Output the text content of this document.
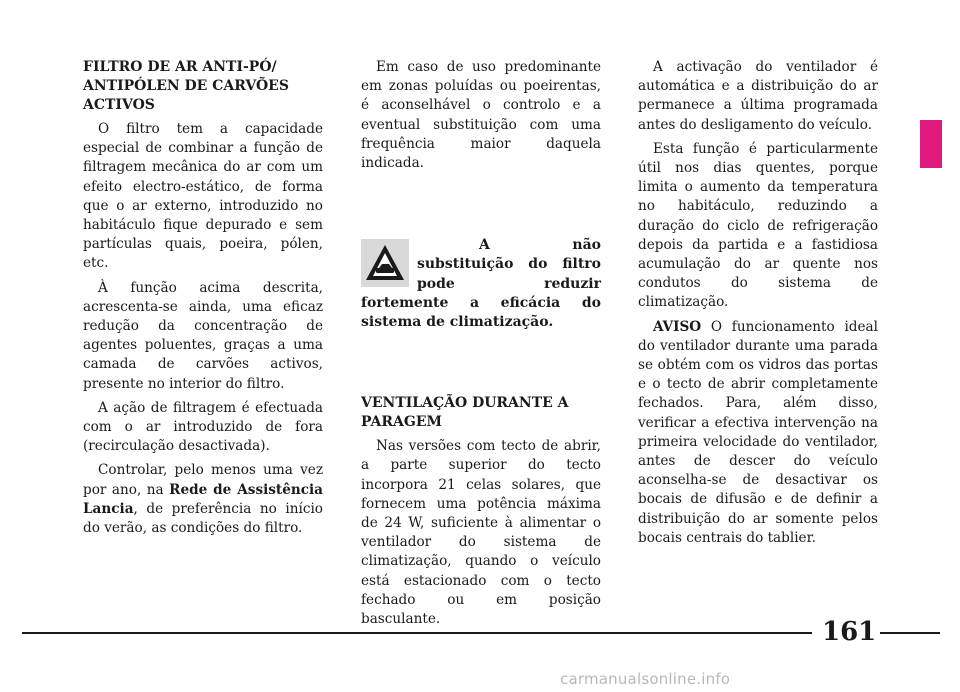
FILTRO DE AR ANTI-PÓ/ ANTIPÓLEN DE CARVÕES ACTIVOS

O filtro tem a capacidade especial de combinar a função de filtragem mecânica do ar com um efeito electro-estático, de forma que o ar externo, introduzido no habitáculo fique depurado e sem partículas quais, poeira, pólen, etc.

À função acima descrita, acrescenta-se ainda, uma eficaz redução da concentração de agentes poluentes, graças a uma camada de carvões activos, presente no interior do filtro.

A ação de filtragem é efectuada com o ar introduzido de fora (recirculação desactivada).

Controlar, pelo menos uma vez por ano, na Rede de Assistência Lancia, de preferência no início do verão, as condições do filtro.

Em caso de uso predominante em zonas poluídas ou poeirentas, é aconselhável o controlo e a eventual substituição com uma frequência maior daquela indicada.

A não substituição do filtro pode reduzir fortemente a eficácia do sistema de climatização.

VENTILAÇÃO DURANTE A PARAGEM

Nas versões com tecto de abrir, a parte superior do tecto incorpora 21 celas solares, que fornecem uma potência máxima de 24 W, suficiente à alimentar o ventilador do sistema de climatização, quando o veículo está estacionado com o tecto fechado ou em posição basculante.

A activação do ventilador é automática e a distribuição do ar permanece a última programada antes do desligamento do veículo.

Esta função é particularmente útil nos dias quentes, porque limita o aumento da temperatura no habitáculo, reduzindo a duração do ciclo de refrigeração depois da partida e a fastidiosa acumulação do ar quente nos condutos do sistema de climatização.

AVISO O funcionamento ideal do ventilador durante uma parada se obtém com os vidros das portas e o tecto de abrir completamente fechados. Para, além disso, verificar a efectiva intervenção na primeira velocidade do ventilador, antes de descer do veículo aconselha-se de desactivar os bocais de difusão e de definir a distribuição do ar somente pelos bocais centrais do tablier.

161
carmanualsonline.info
